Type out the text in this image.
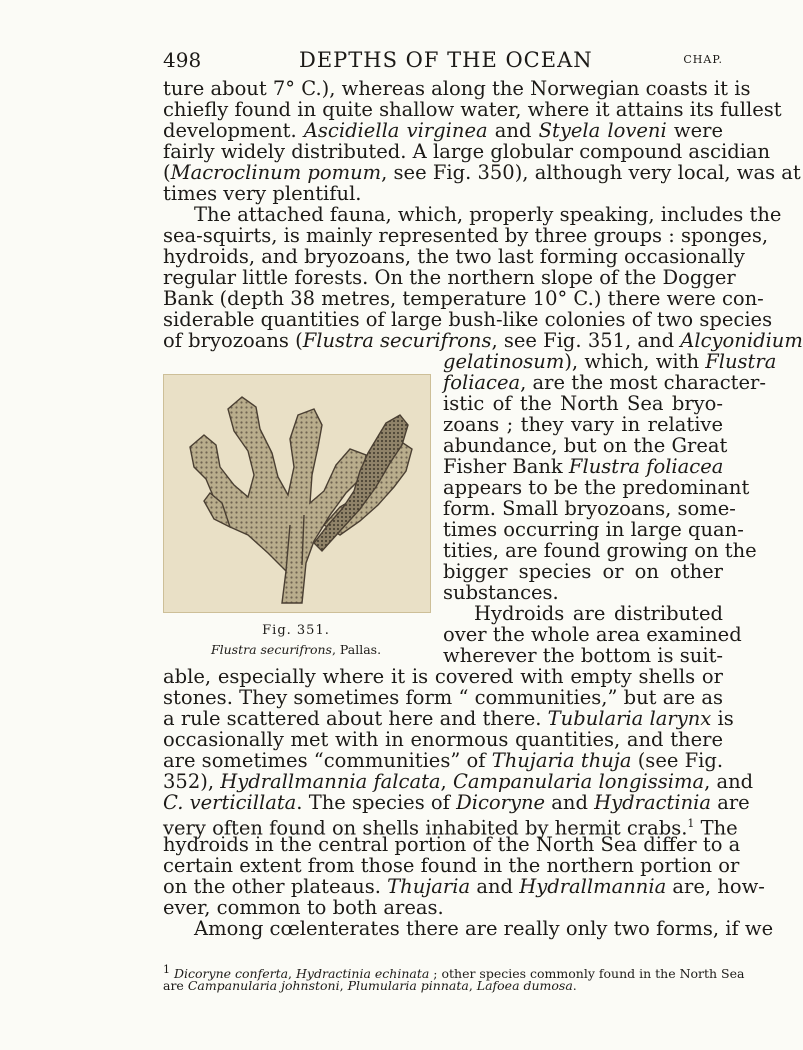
498	DEPTHS OF THE OCEAN	CHAP.

ture about 7° C.), whereas along the Norwegian coasts it is

chiefly found in quite shallow water, where it attains its fullest

development. Ascidiella virginea and Styela loveni were

fairly widely distributed. A large globular compound ascidian

(Macroclinum pomum, see Fig. 350), although very local, was at

times very plentiful.

The attached fauna, which, properly speaking, includes the

sea-squirts, is mainly represented by three groups : sponges,

hydroids, and bryozoans, the two last forming occasionally

regular little forests. On the northern slope of the Dogger

Bank (depth 38 metres, temperature 10° C.) there were con-

siderable quantities of large bush-like colonies of two species

of bryozoans (Flustra securifrons, see Fig. 351, and Alcyonidium

gelatinosum), which, with Flustra

foliacea, are the most character-

istic of the North Sea bryo-

zoans ; they vary in relative

abundance, but on the Great

Fisher Bank Flustra foliacea

appears to be the predominant

form. Small bryozoans, some-

times occurring in large quan-

tities, are found growing on the

bigger species or on other

substances.

Hydroids are distributed

over the whole area examined

wherever the bottom is suit-

able, especially where it is covered with empty shells or

stones. They sometimes form “ communities,” but are as

a rule scattered about here and there. Tubularia larynx is

occasionally met with in enormous quantities, and there

are sometimes “communities” of Thujaria thuja (see Fig.

352), Hydrallmannia falcata, Campanularia longissima, and

C. verticillata. The species of Dicoryne and Hydractinia are

very often found on shells inhabited by hermit crabs.$^1$ The

hydroids in the central portion of the North Sea differ to a

certain extent from those found in the northern portion or

on the other plateaus. Thujaria and Hydrallmannia are, how-

ever, common to both areas.

Among cœlenterates there are really only two forms, if we

Fig. 351.
Flustra securifrons, Pallas.

$^1$ Dicoryne conferta, Hydractinia echinata ; other species commonly found in the North Sea

are Campanularia johnstoni, Plumularia pinnata, Lafoea dumosa.
